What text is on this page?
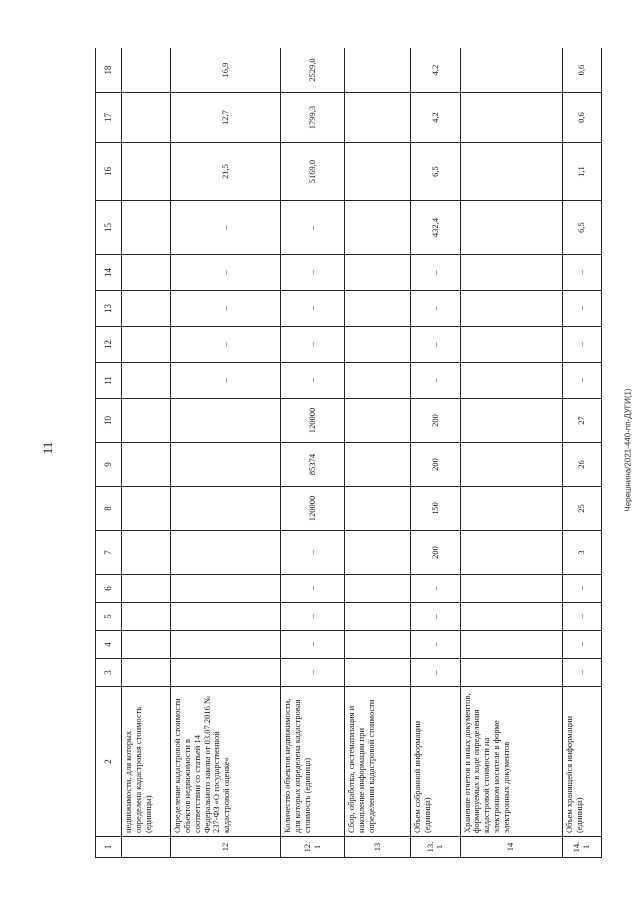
11	Черешнина/2021-440-пп-ДУГИ(1)
1	2	3	4	5	6	7	8	9	10	11	12	13	14	15	16	17	18
	недвижимости, для которых определена кадастровая стоимость (единицы)																
12	Определение кадастровой стоимости объектов недвижимости в соответствии со статьей 14 Федерального закона от 03.07.2016 № 237-ФЗ «О государственной кадастровой оценке»									–	–	–	–	–	21,5	12,7	16,9
12.1	Количество объектов недвижимости, для которых определена кадастровая стоимость (единица)	–	–	–	–	–	120000	85374	120000	–	–	–	–	–	5169,0	1799,3	2529,0
13	Сбор, обработка, систематизация и накопление информации при определении кадастровой стоимости																
13.1	Объем собранной информации (единица)	–	–	–	–	200	150	200	200	–	–	–	–	432,4	6,5	4,2	4,2
14	Хранение отчетов и иных документов, формируемых в ходе определения кадастровой стоимости на электронном носителе в форме электронных документов																
14.1	Объем хранящейся информации (единица)	–	–	–	–	3	25	26	27	–	–	–	–	6,5	1,1	0,6	0,6
